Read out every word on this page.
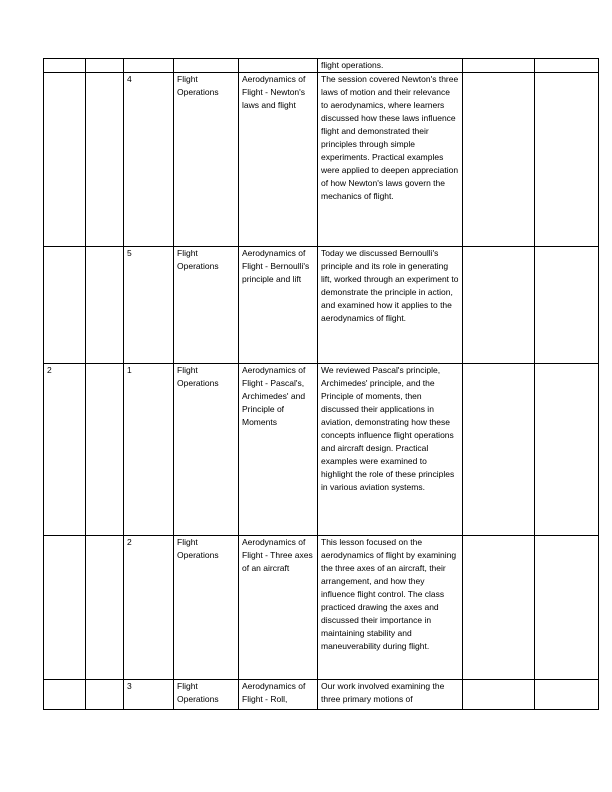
					flight operations.		
		4	Flight Operations	Aerodynamics of Flight - Newton's laws and flight	The session covered Newton's three laws of motion and their relevance to aerodynamics, where learners discussed how these laws influence flight and demonstrated their principles through simple experiments. Practical examples were applied to deepen appreciation of how Newton's laws govern the mechanics of flight.		
		5	Flight Operations	Aerodynamics of Flight - Bernoulli's principle and lift	Today we discussed Bernoulli's principle and its role in generating lift, worked through an experiment to demonstrate the principle in action, and examined how it applies to the aerodynamics of flight.		
2		1	Flight Operations	Aerodynamics of Flight - Pascal's, Archimedes' and Principle of Moments	We reviewed Pascal's principle, Archimedes' principle, and the Principle of moments, then discussed their applications in aviation, demonstrating how these concepts influence flight operations and aircraft design. Practical examples were examined to highlight the role of these principles in various aviation systems.		
		2	Flight Operations	Aerodynamics of Flight - Three axes of an aircraft	This lesson focused on the aerodynamics of flight by examining the three axes of an aircraft, their arrangement, and how they influence flight control. The class practiced drawing the axes and discussed their importance in maintaining stability and maneuverability during flight.		
		3	Flight Operations	Aerodynamics of Flight - Roll,	Our work involved examining the three primary motions of		
